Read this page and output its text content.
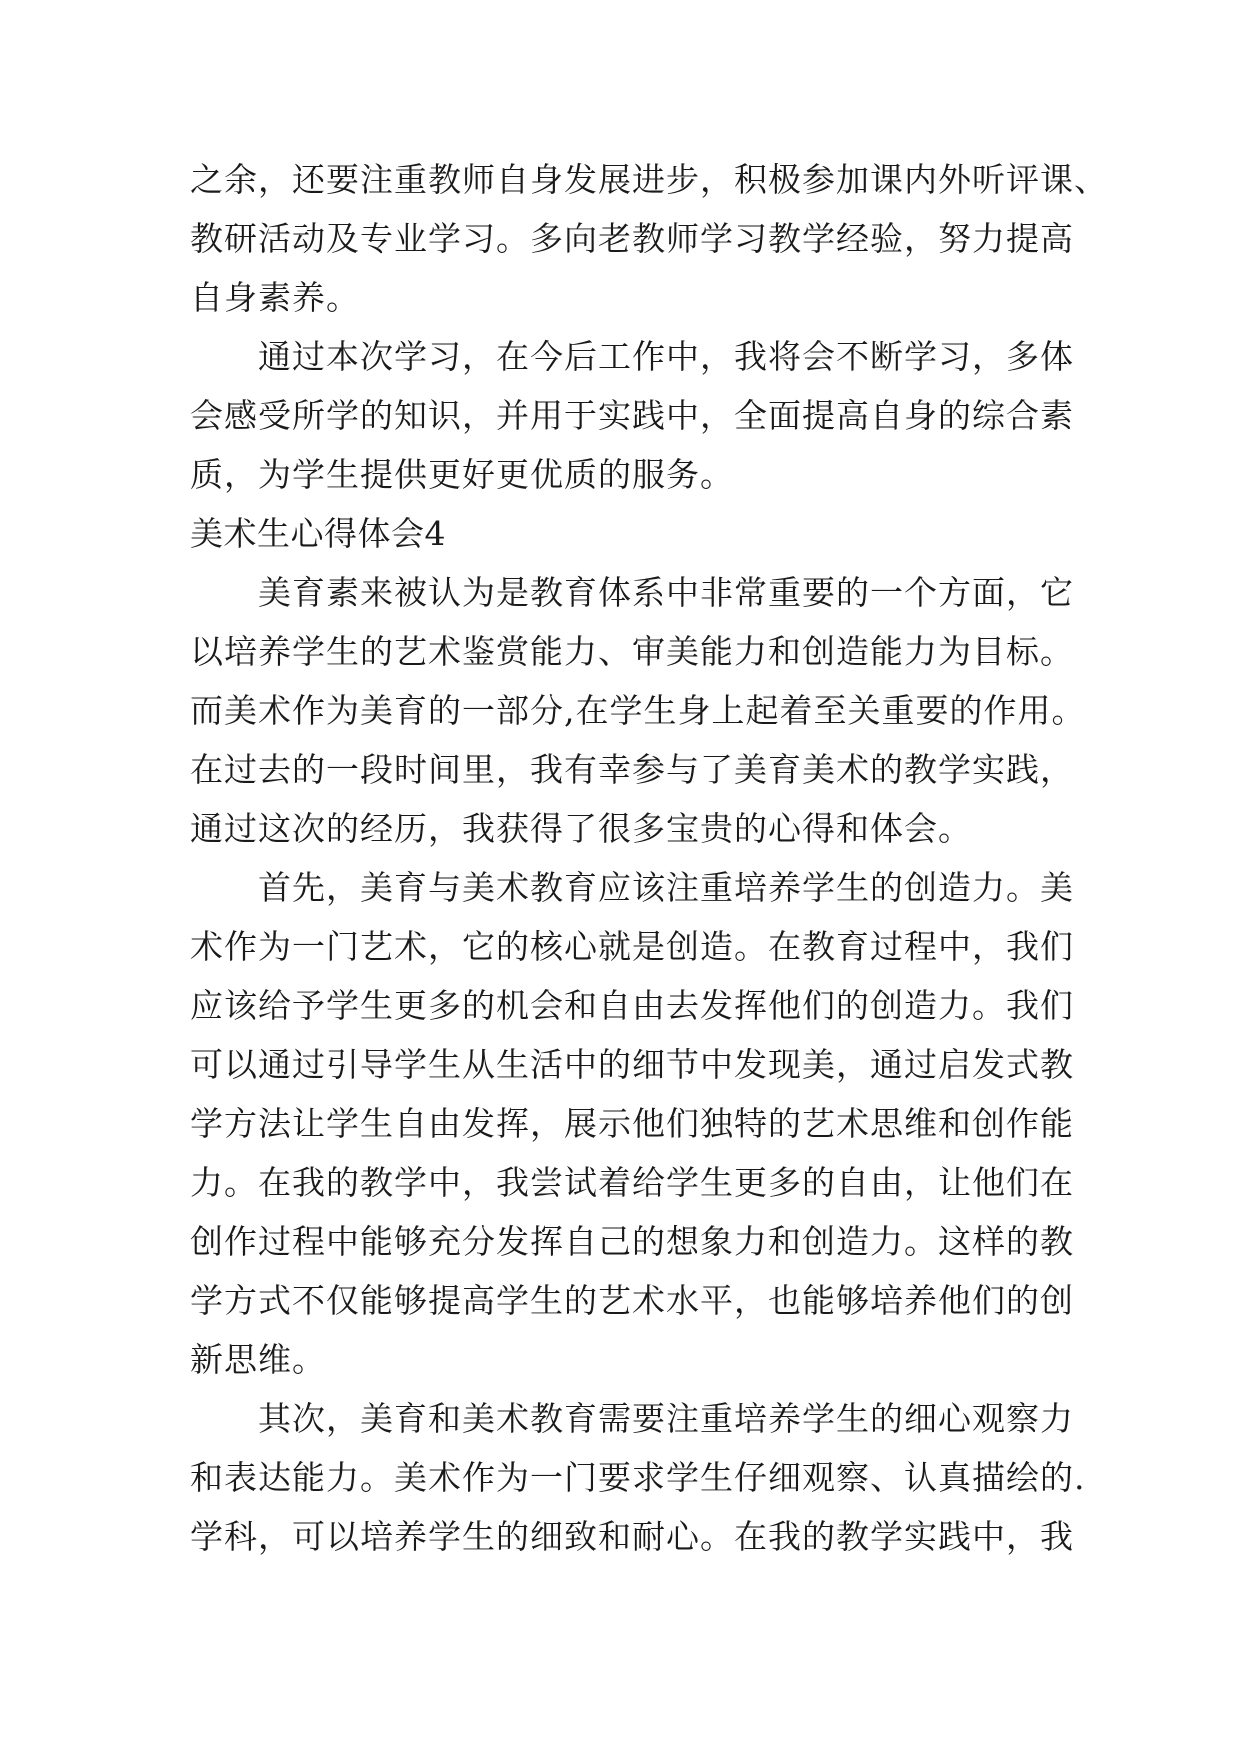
之余，还要注重教师自身发展进步，积极参加课内外听评课、
教研活动及专业学习。多向老教师学习教学经验，努力提高
自身素养。
通过本次学习，在今后工作中，我将会不断学习，多体
会感受所学的知识，并用于实践中，全面提高自身的综合素
质，为学生提供更好更优质的服务。
美术生心得体会4
美育素来被认为是教育体系中非常重要的一个方面，它
以培养学生的艺术鉴赏能力、审美能力和创造能力为目标。
而美术作为美育的一部分,在学生身上起着至关重要的作用。
在过去的一段时间里，我有幸参与了美育美术的教学实践，
通过这次的经历，我获得了很多宝贵的心得和体会。
首先，美育与美术教育应该注重培养学生的创造力。美
术作为一门艺术，它的核心就是创造。在教育过程中，我们
应该给予学生更多的机会和自由去发挥他们的创造力。我们
可以通过引导学生从生活中的细节中发现美，通过启发式教
学方法让学生自由发挥，展示他们独特的艺术思维和创作能
力。在我的教学中，我尝试着给学生更多的自由，让他们在
创作过程中能够充分发挥自己的想象力和创造力。这样的教
学方式不仅能够提高学生的艺术水平，也能够培养他们的创
新思维。
其次，美育和美术教育需要注重培养学生的细心观察力
和表达能力。美术作为一门要求学生仔细观察、认真描绘的.
学科，可以培养学生的细致和耐心。在我的教学实践中，我
